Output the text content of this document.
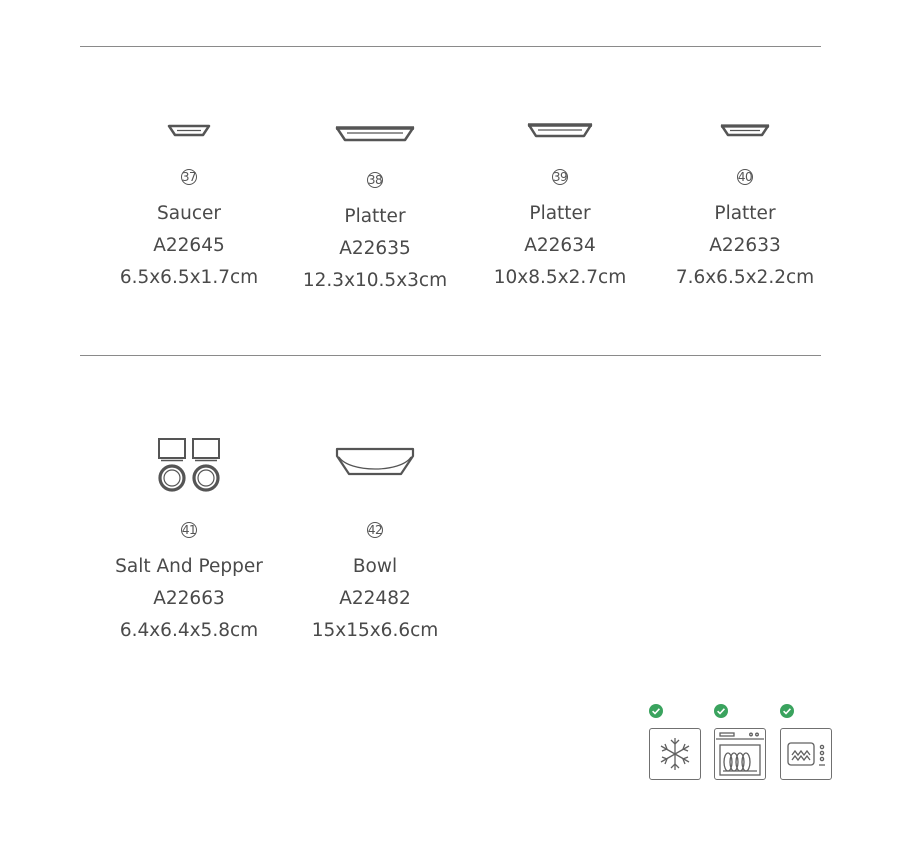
37
Saucer
A22645
6.5x6.5x1.7cm
38
Platter
A22635
12.3x10.5x3cm
39
Platter
A22634
10x8.5x2.7cm
40
Platter
A22633
7.6x6.5x2.2cm
41
Salt And Pepper
A22663
6.4x6.4x5.8cm
42
Bowl
A22482
15x15x6.6cm
